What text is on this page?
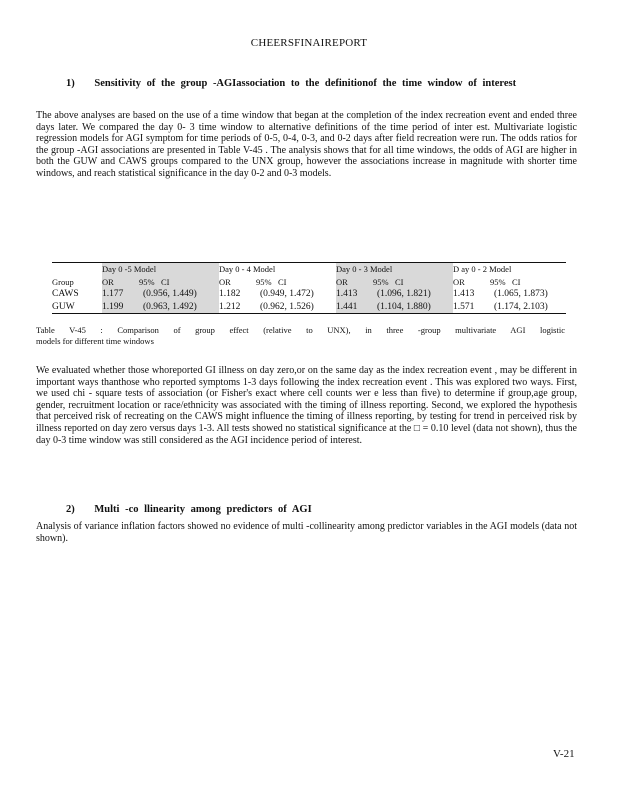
CHEERSFINAIREPORT
1) Sensitivity of the group -AGIassociation to the definitionof the time window of interest

The above analyses are based on the use of a time window that began at the completion of the index recreation event and ended three days later. We compared the day 0- 3 time window to alternative definitions of the time period of inter est. Multivariate logistic regression models for AGI symptom for time periods of 0-5, 0-4, 0-3, and 0-2 days after field recreation were run. The odds ratios for the group -AGI associations are presented in Table V-45 . The analysis shows that for all time windows, the odds of AGI are higher in both the GUW and CAWS groups compared to the UNX group, however the associations increase in magnitude with shorter time windows, and reach statistical significance in the day 0-2 and 0-3 models.

	Day 0 -5 Model		Day 0 - 4 Model		Day 0 - 3 Model		D ay 0 - 2 Model	
Group	OR	95% CI	OR	95% CI	OR	95% CI	OR	95% CI
CAWS	1.177	(0.956, 1.449)	1.182	(0.949, 1.472)	1.413	(1.096, 1.821)	1.413	(1.065, 1.873)
GUW	1.199	(0.963, 1.492)	1.212	(0.962, 1.526)	1.441	(1.104, 1.880)	1.571	(1.174, 2.103)
Table V-45 : Comparison of group effect (relative to UNX), in three -group multivariate AGI logistic
models for different time windows

We evaluated whether those whoreported GI illness on day zero,or on the same day as the index recreation event , may be different in important ways thanthose who reported symptoms 1-3 days following the index recreation event . This was explored two ways. First, we used chi - square tests of association (or Fisher's exact where cell counts wer e less than five) to determine if group,age group, gender, recruitment location or race/ethnicity was associated with the timing of illness reporting. Second, we explored the hypothesis that perceived risk of recreating on the CAWS might influence the timing of illness reporting, by testing for trend in perceived risk by illness reported on day zero versus days 1-3. All tests showed no statistical significance at the □ = 0.10 level (data not shown), thus the day 0-3 time window was still considered as the AGI incidence period of interest.

2) Multi -co llinearity among predictors of AGI

Analysis of variance inflation factors showed no evidence of multi -collinearity among predictor variables in the AGI models (data not shown).

V-21
